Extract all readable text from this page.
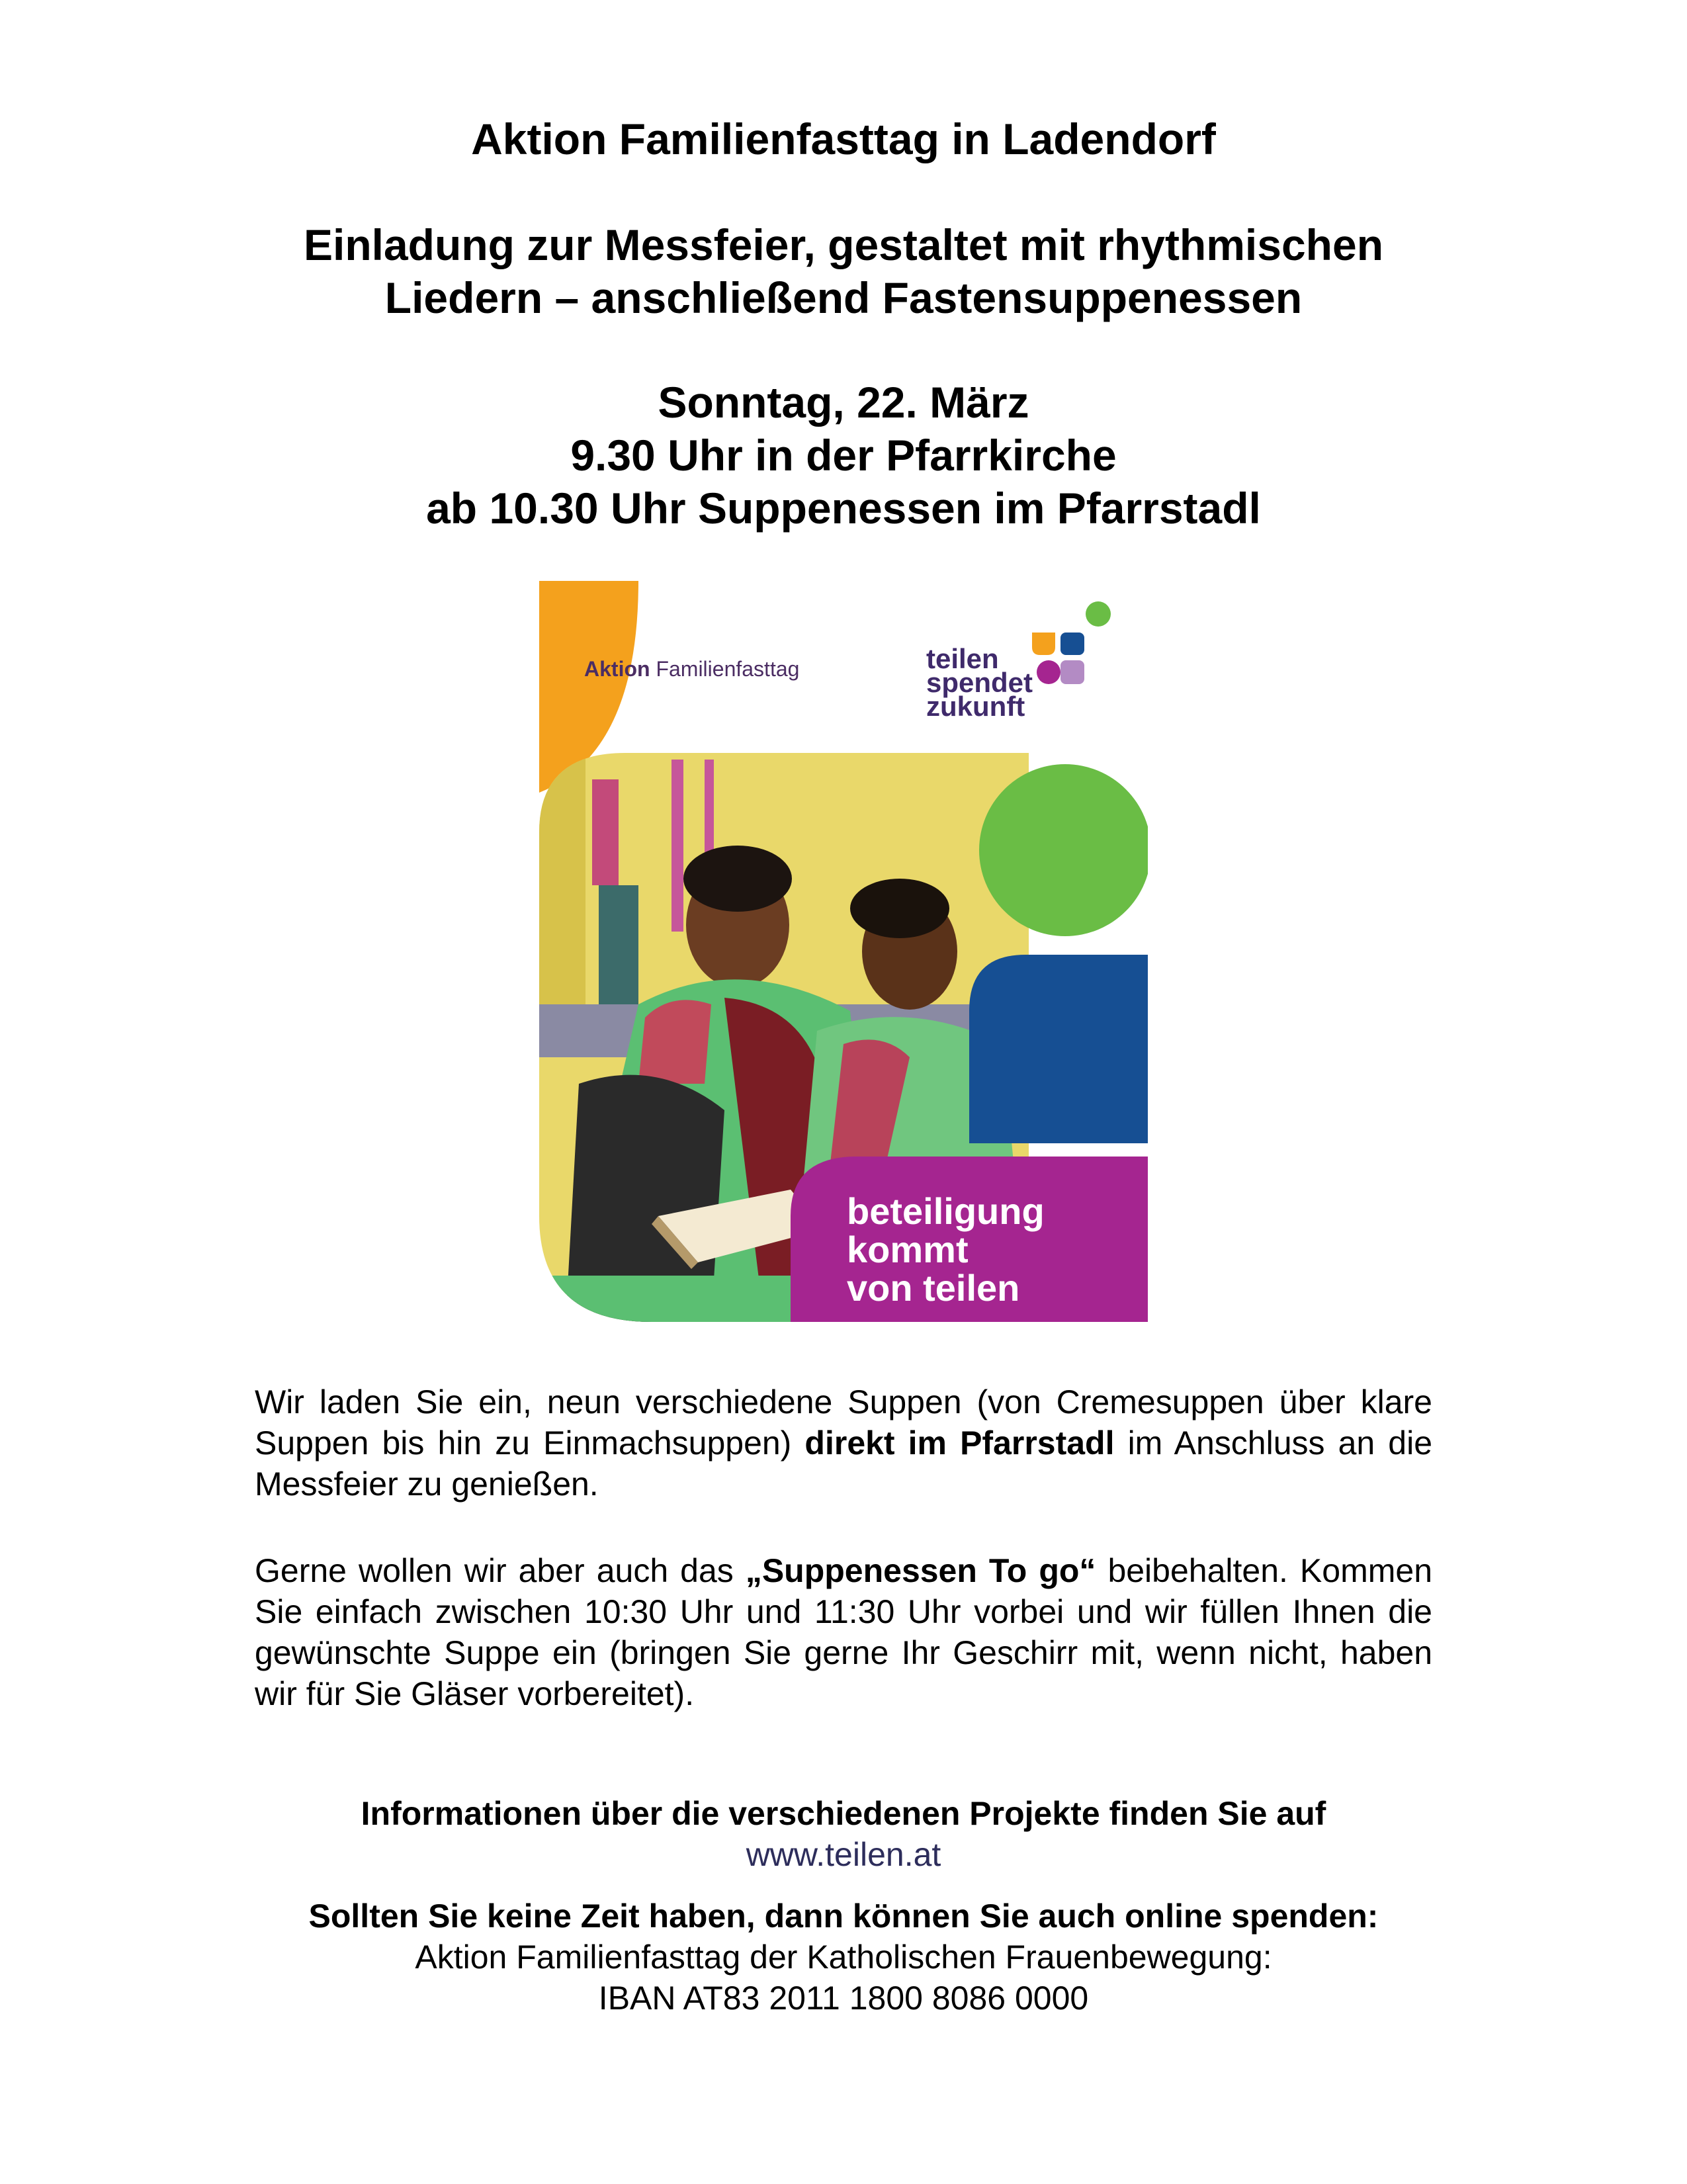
Aktion Familienfasttag in Ladendorf
Einladung zur Messfeier, gestaltet mit rhythmischen
Liedern – anschließend Fastensuppenessen
Sonntag, 22. März
9.30 Uhr in der Pfarrkirche
ab 10.30 Uhr Suppenessen im Pfarrstadl
Aktion Familienfasttag	teilen
spendet
zukunft
beteiligung
kommt
von teilen

Wir laden Sie ein, neun verschiedene Suppen (von Cremesuppen über klare Suppen bis hin zu Einmachsuppen) direkt im Pfarrstadl im Anschluss an die Messfeier zu genießen.

Gerne wollen wir aber auch das „Suppenessen To go“ beibehalten. Kommen Sie einfach zwischen 10:30 Uhr und 11:30 Uhr vorbei und wir füllen Ihnen die gewünschte Suppe ein (bringen Sie gerne Ihr Geschirr mit, wenn nicht, haben wir für Sie Gläser vorbereitet).

Informationen über die verschiedenen Projekte finden Sie auf

www.teilen.at

Sollten Sie keine Zeit haben, dann können Sie auch online spenden:

Aktion Familienfasttag der Katholischen Frauenbewegung:

IBAN AT83 2011 1800 8086 0000
